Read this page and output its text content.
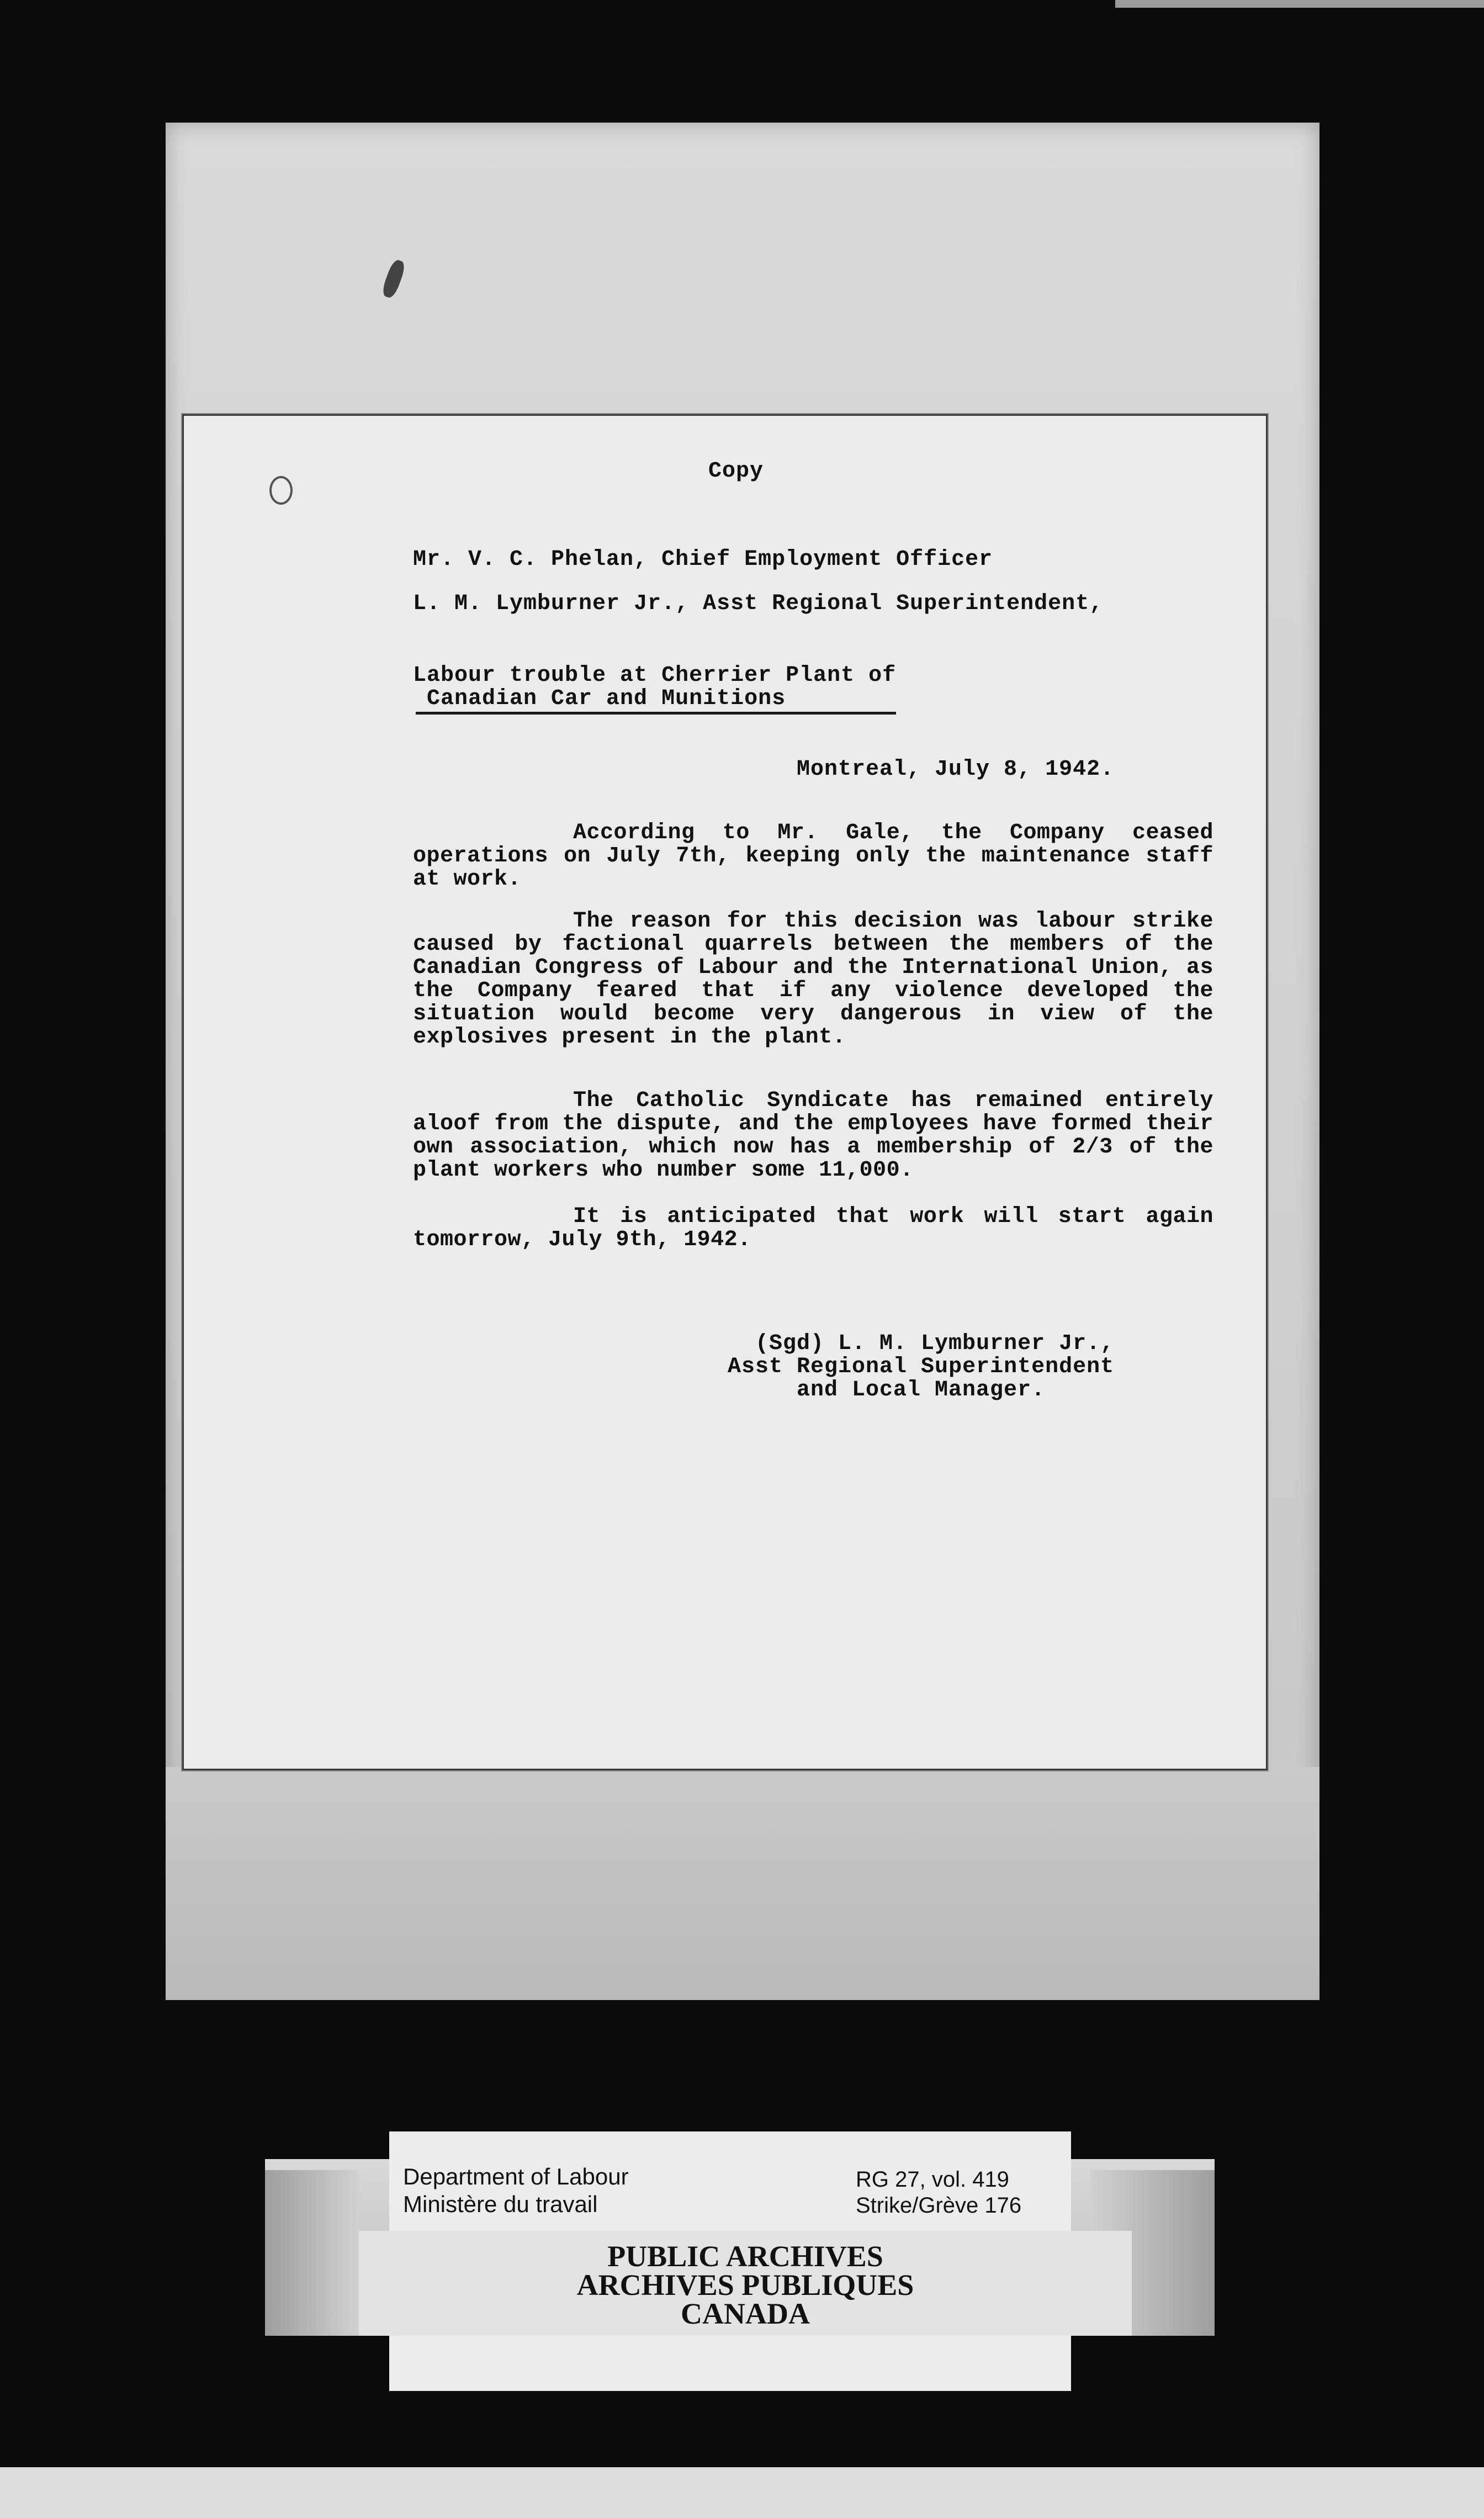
Copy
Mr. V. C. Phelan, Chief Employment Officer
L. M. Lymburner Jr., Asst Regional Superintendent,
Labour trouble at Cherrier Plant of
Canadian Car and Munitions
Montreal, July 8, 1942.
According to Mr. Gale, the Company ceased operations on July 7th, keeping only the maintenance staff at work.
The reason for this decision was labour strike caused by factional quarrels between the members of the Canadian Congress of Labour and the International Union, as the Company feared that if any violence developed the situation would become very dangerous in view of the explosives present in the plant.
The Catholic Syndicate has remained entirely aloof from the dispute, and the employees have formed their own association, which now has a membership of 2/3 of the plant workers who number some 11,000.
It is anticipated that work will start again tomorrow, July 9th, 1942.
(Sgd) L. M. Lymburner Jr.,
Asst Regional Superintendent
and Local Manager.
Department of Labour
Ministère du travail
RG 27, vol. 419
Strike/Grève 176
PUBLIC ARCHIVES
ARCHIVES PUBLIQUES
CANADA
